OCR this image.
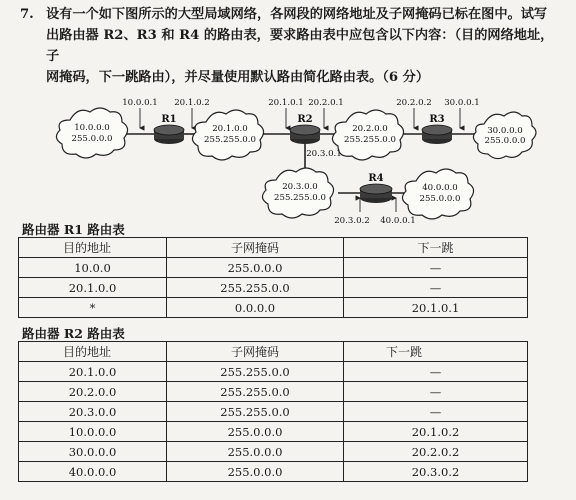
7. 设有一个如下图所示的大型局域网络，各网段的网络地址及子网掩码已标在图中。试写
出路由器 R2、R3 和 R4 的路由表，要求路由表中应包含以下内容：（目的网络地址，子
网掩码，下一跳路由），并尽量使用默认路由简化路由表。（6 分）
R1	R2	R3
R4
10.0.0.0
255.0.0.0
20.1.0.0
255.255.0.0
20.2.0.0
255.255.0.0
30.0.0.0
255.0.0.0
20.3.0.0
255.255.0.0
40.0.0.0
255.0.0.0
10.0.0.1 20.1.0.2	20.1.0.1 20.2.0.1	20.2.0.2 30.0.0.1
20.3.0.1
20.3.0.2 40.0.0.1
路由器 R1 路由表
目的地址	子网掩码	下一跳
10.0.0	255.0.0.0	—
20.1.0.0	255.255.0.0	—
*	0.0.0.0	20.1.0.1
路由器 R2 路由表
目的地址	子网掩码	下一跳
20.1.0.0	255.255.0.0	—
20.2.0.0	255.255.0.0	—
20.3.0.0	255.255.0.0	—
10.0.0.0	255.0.0.0	20.1.0.2
30.0.0.0	255.0.0.0	20.2.0.2
40.0.0.0	255.0.0.0	20.3.0.2
